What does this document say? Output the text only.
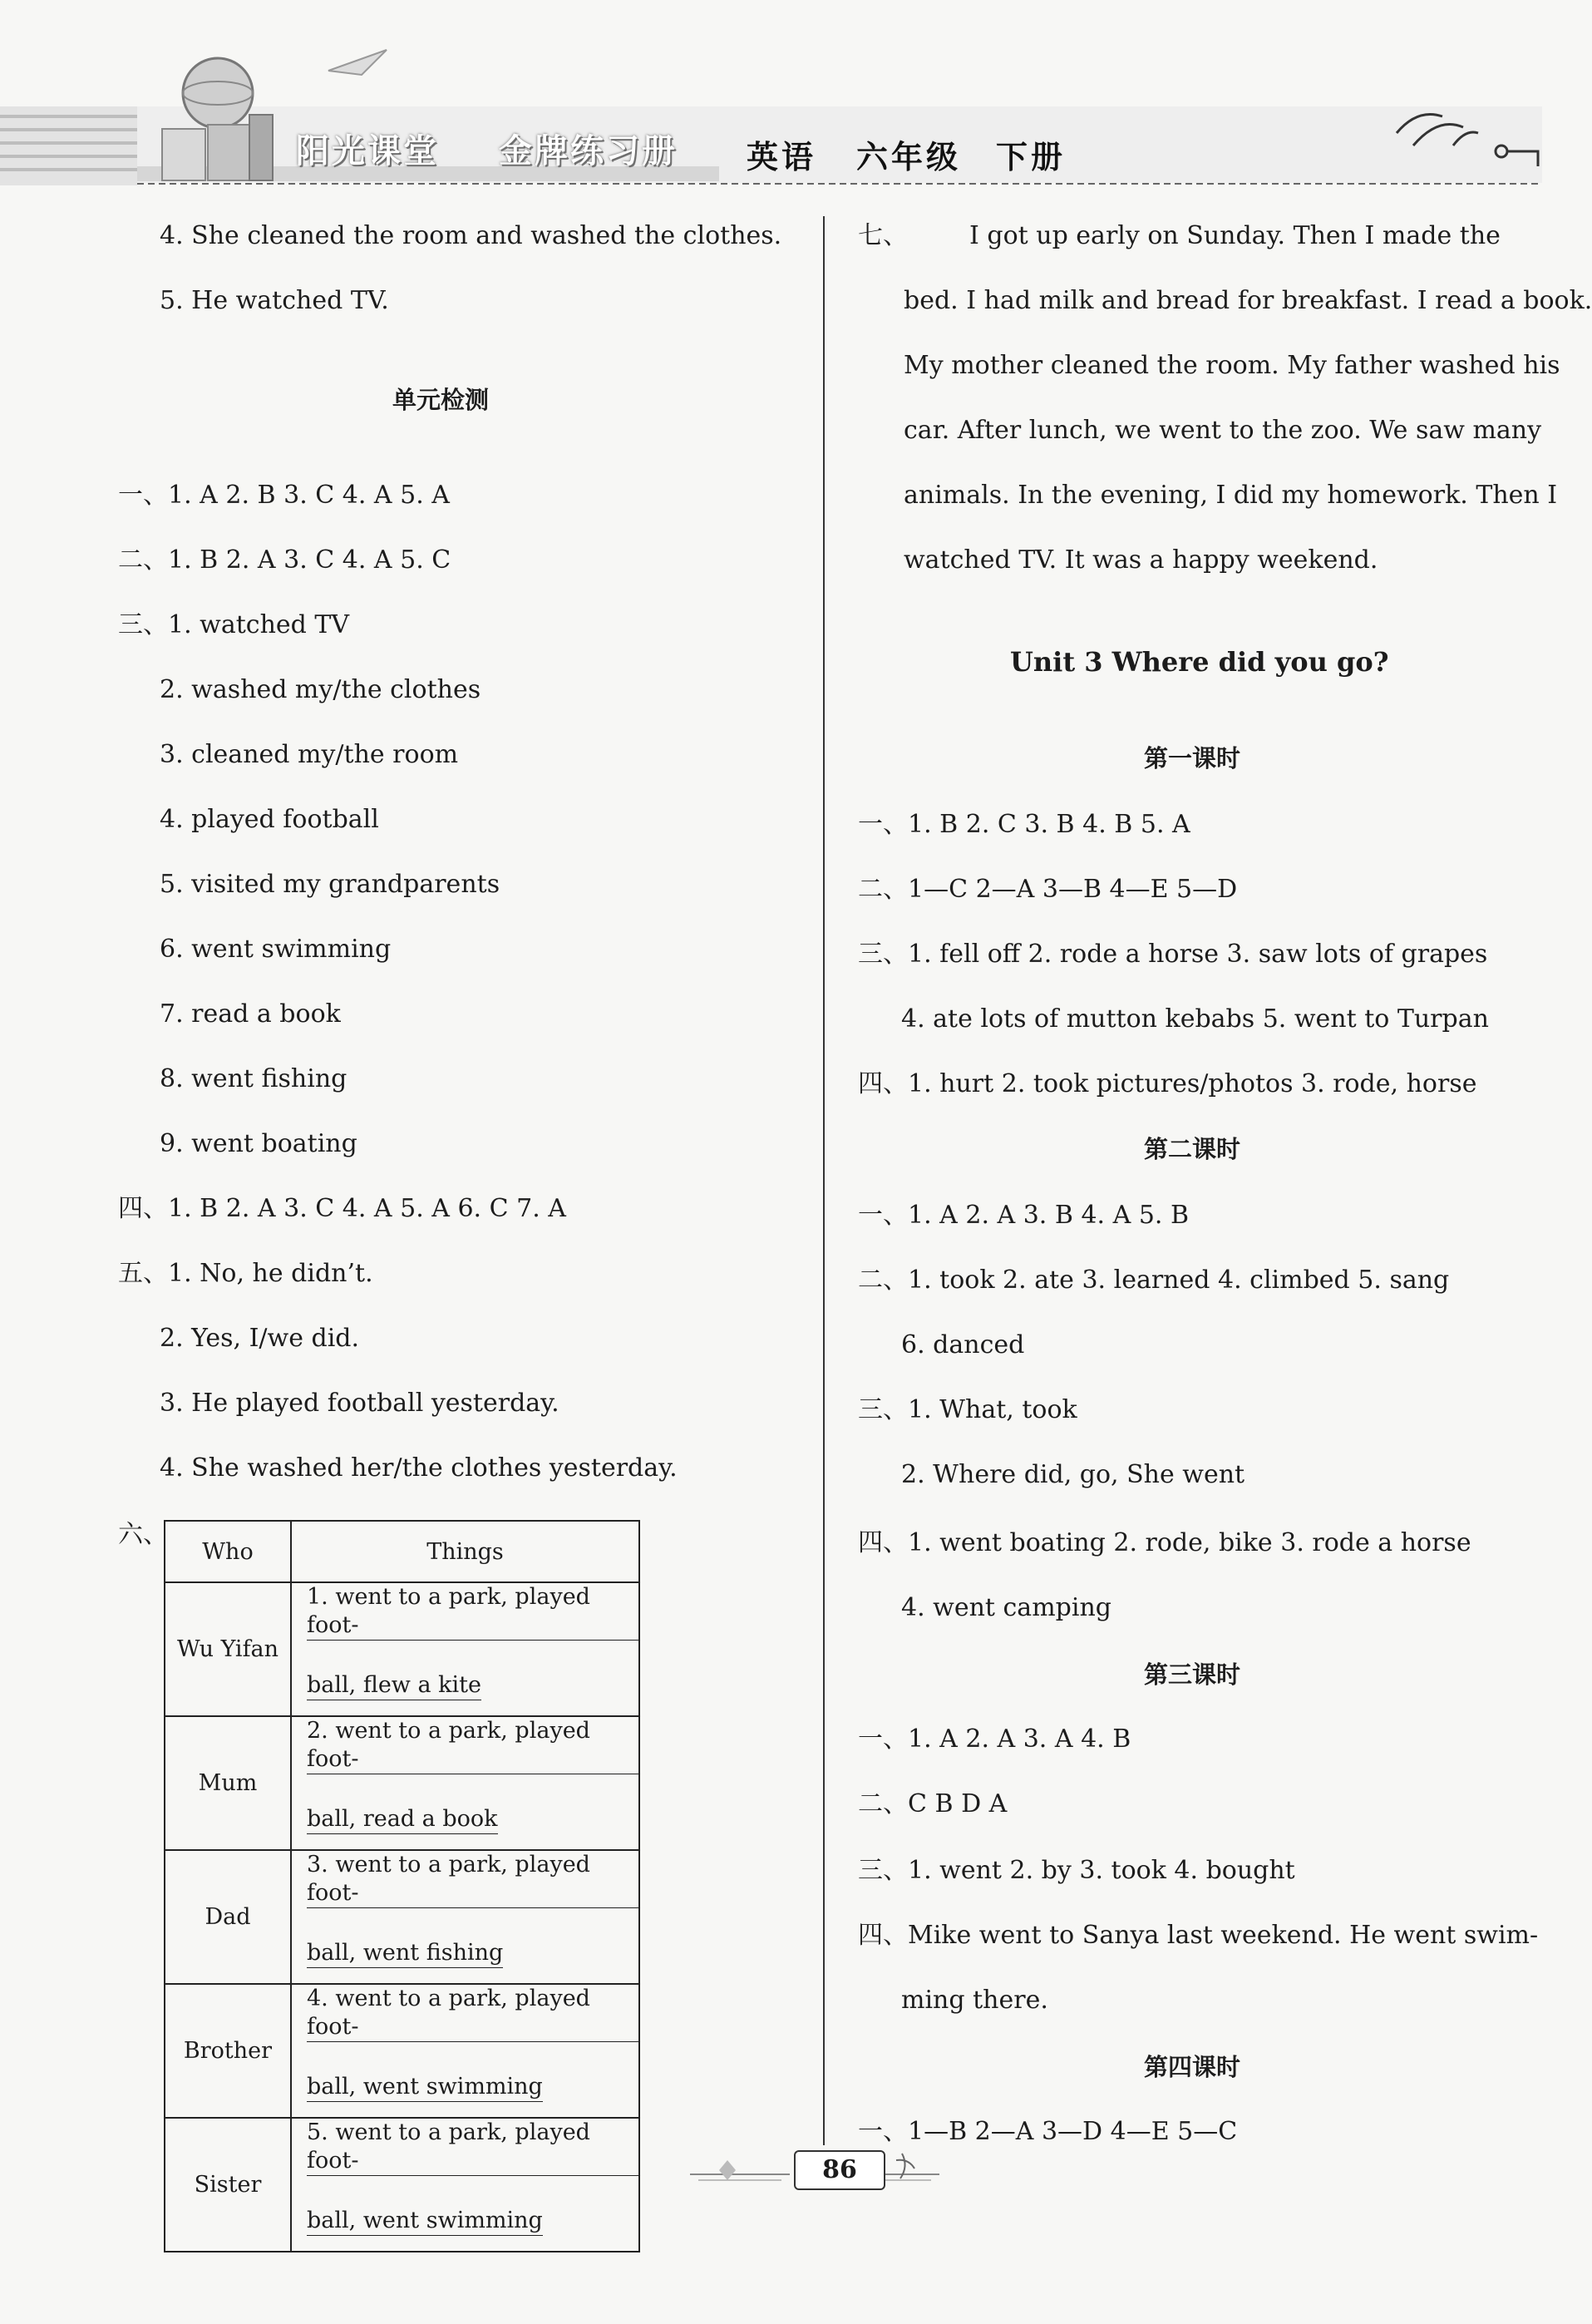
阳光课堂 金牌练习册 英语 六年级 下册
4. She cleaned the room and washed the clothes.
5. He watched TV.
单元检测
一、1. A 2. B 3. C 4. A 5. A
二、1. B 2. A 3. C 4. A 5. C
三、1. watched TV
2. washed my/the clothes
3. cleaned my/the room
4. played football
5. visited my grandparents
6. went swimming
7. read a book
8. went fishing
9. went boating
四、1. B 2. A 3. C 4. A 5. A 6. C 7. A
五、1. No, he didn’t.
2. Yes, I/we did.
3. He played football yesterday.
4. She washed her/the clothes yesterday.
六、
Who	Things
Wu Yifan	1. went to a park, played foot-
ball, flew a kite
Mum	2. went to a park, played foot-
ball, read a book
Dad	3. went to a park, played foot-
ball, went fishing
Brother	4. went to a park, played foot-
ball, went swimming
Sister	5. went to a park, played foot-
ball, went swimming
七、 I got up early on Sunday. Then I made the
bed. I had milk and bread for breakfast. I read a book.
My mother cleaned the room. My father washed his
car. After lunch, we went to the zoo. We saw many
animals. In the evening, I did my homework. Then I
watched TV. It was a happy weekend.
Unit 3 Where did you go?
第一课时
一、1. B 2. C 3. B 4. B 5. A
二、1—C 2—A 3—B 4—E 5—D
三、1. fell off 2. rode a horse 3. saw lots of grapes
4. ate lots of mutton kebabs 5. went to Turpan
四、1. hurt 2. took pictures/photos 3. rode, horse
第二课时
一、1. A 2. A 3. B 4. A 5. B
二、1. took 2. ate 3. learned 4. climbed 5. sang
6. danced
三、1. What, took
2. Where did, go, She went
四、1. went boating 2. rode, bike 3. rode a horse
4. went camping
第三课时
一、1. A 2. A 3. A 4. B
二、C B D A
三、1. went 2. by 3. took 4. bought
四、Mike went to Sanya last weekend. He went swim-
ming there.
第四课时
一、1—B 2—A 3—D 4—E 5—C
86
